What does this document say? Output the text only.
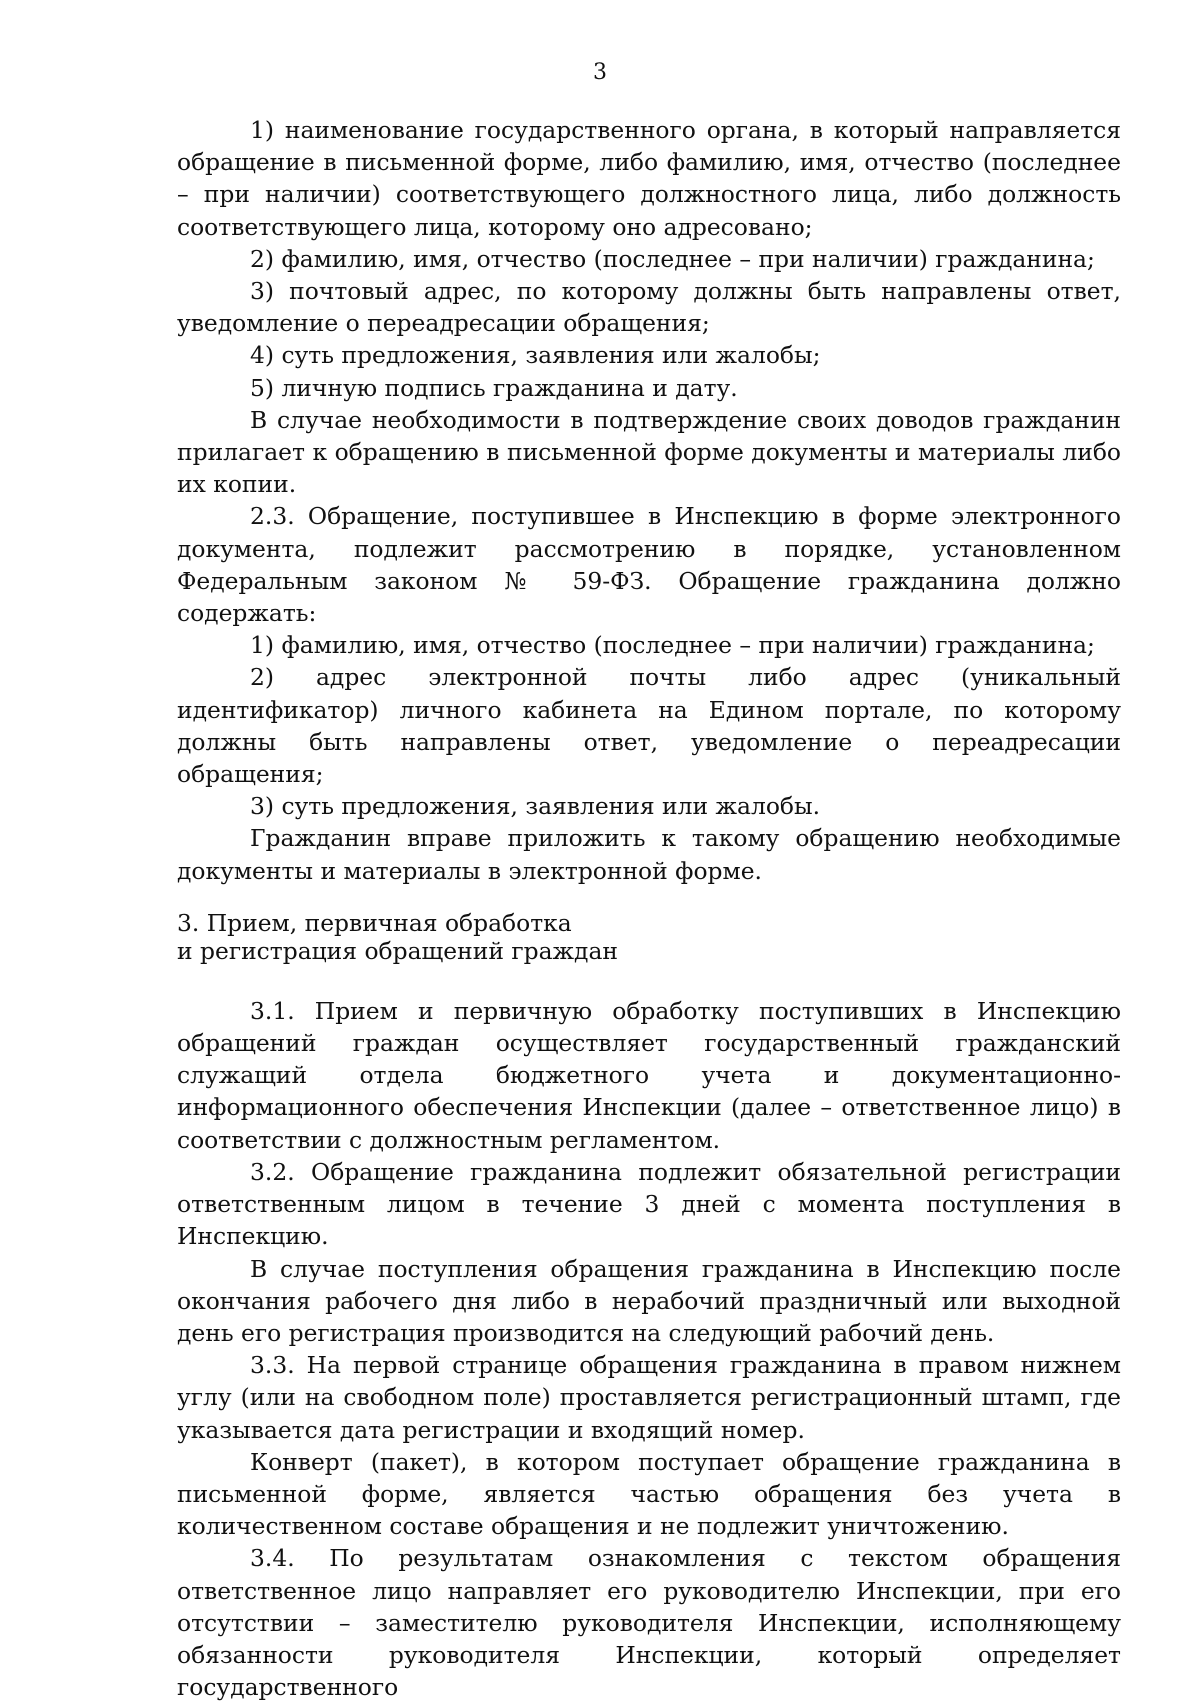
3

1) наименование государственного органа, в который направляется обращение в письменной форме, либо фамилию, имя, отчество (последнее – при наличии) соответствующего должностного лица, либо должность соответствующего лица, которому оно адресовано;

2) фамилию, имя, отчество (последнее – при наличии) гражданина;

3) почтовый адрес, по которому должны быть направлены ответ, уведомление о переадресации обращения;

4) суть предложения, заявления или жалобы;

5) личную подпись гражданина и дату.

В случае необходимости в подтверждение своих доводов гражданин прилагает к обращению в письменной форме документы и материалы либо их копии.

2.3. Обращение, поступившее в Инспекцию в форме электронного документа, подлежит рассмотрению в порядке, установленном Федеральным законом № 59-ФЗ. Обращение гражданина должно содержать:

1) фамилию, имя, отчество (последнее – при наличии) гражданина;

2) адрес электронной почты либо адрес (уникальный идентификатор) личного кабинета на Едином портале, по которому должны быть направлены ответ, уведомление о переадресации обращения;

3) суть предложения, заявления или жалобы.

Гражданин вправе приложить к такому обращению необходимые документы и материалы в электронной форме.

3. Прием, первичная обработка
и регистрация обращений граждан

3.1. Прием и первичную обработку поступивших в Инспекцию обращений граждан осуществляет государственный гражданский служащий отдела бюджетного учета и документационно-информационного обеспечения Инспекции (далее – ответственное лицо) в соответствии с должностным регламентом.

3.2. Обращение гражданина подлежит обязательной регистрации ответственным лицом в течение 3 дней с момента поступления в Инспекцию.

В случае поступления обращения гражданина в Инспекцию после окончания рабочего дня либо в нерабочий праздничный или выходной день его регистрация производится на следующий рабочий день.

3.3. На первой странице обращения гражданина в правом нижнем углу (или на свободном поле) проставляется регистрационный штамп, где указывается дата регистрации и входящий номер.

Конверт (пакет), в котором поступает обращение гражданина в письменной форме, является частью обращения без учета в количественном составе обращения и не подлежит уничтожению.

3.4. По результатам ознакомления с текстом обращения ответственное лицо направляет его руководителю Инспекции, при его отсутствии – заместителю руководителя Инспекции, исполняющему обязанности руководителя Инспекции, который определяет государственного
